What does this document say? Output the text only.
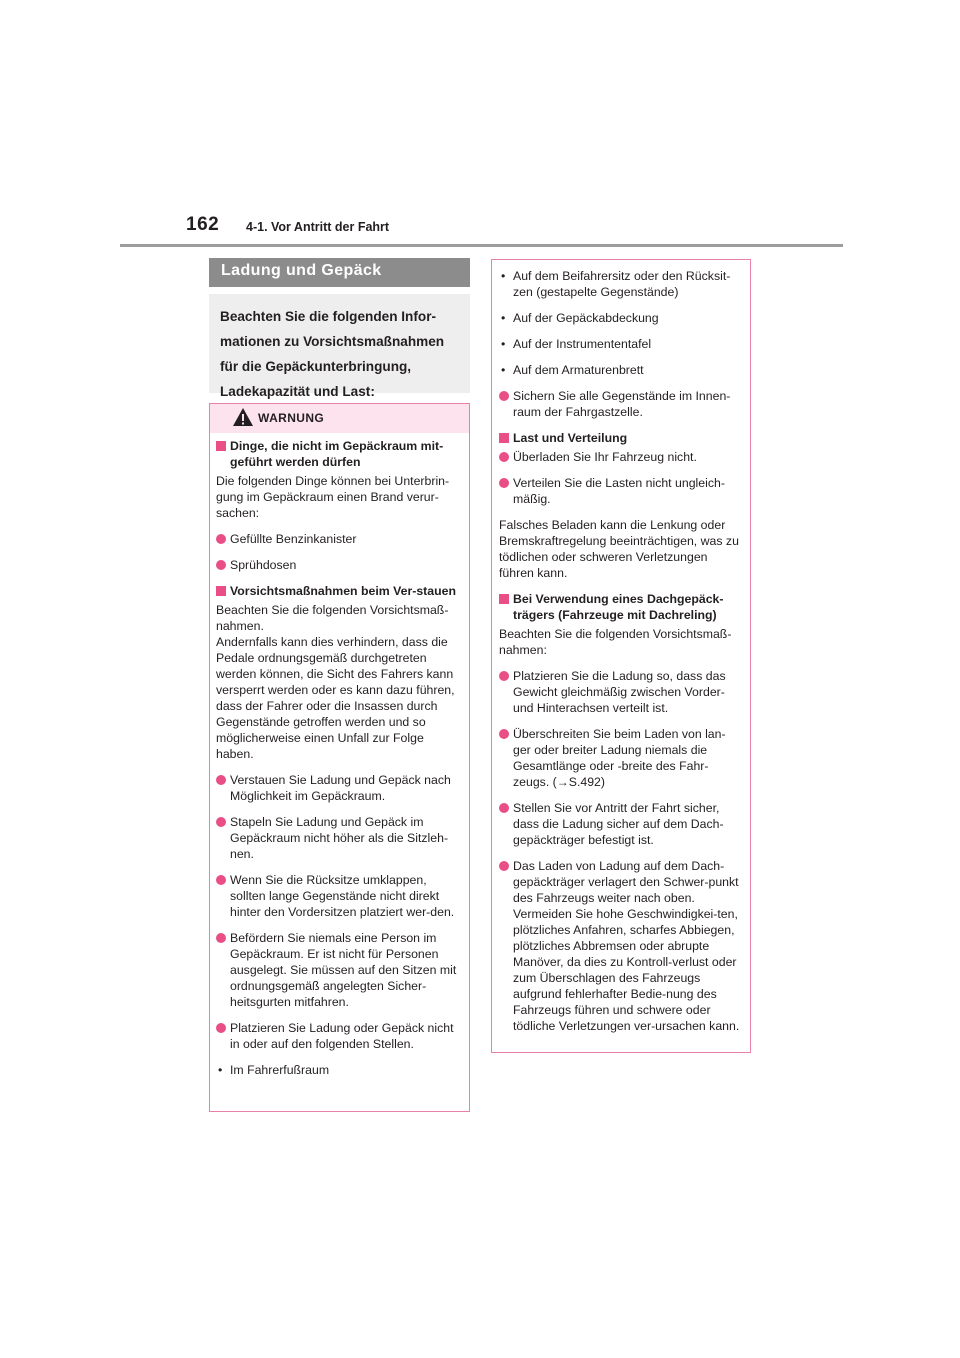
162 4-1. Vor Antritt der Fahrt
Ladung und Gepäck
Beachten Sie die folgenden Infor-
mationen zu Vorsichtsmaßnahmen
für die Gepäckunterbringung,
Ladekapazität und Last:
WARNUNG
Dinge, die nicht im Gepäckraum mit-geführt werden dürfen
Die folgenden Dinge können bei Unterbrin-gung im Gepäckraum einen Brand verur-sachen:
Gefüllte Benzinkanister
Sprühdosen
Vorsichtsmaßnahmen beim Ver-stauen
Beachten Sie die folgenden Vorsichtsmaß-nahmen.
Andernfalls kann dies verhindern, dass die Pedale ordnungsgemäß durchgetreten werden können, die Sicht des Fahrers kann versperrt werden oder es kann dazu führen, dass der Fahrer oder die Insassen durch Gegenstände getroffen werden und so möglicherweise einen Unfall zur Folge haben.
Verstauen Sie Ladung und Gepäck nach Möglichkeit im Gepäckraum.
Stapeln Sie Ladung und Gepäck im Gepäckraum nicht höher als die Sitzleh-nen.
Wenn Sie die Rücksitze umklappen, sollten lange Gegenstände nicht direkt hinter den Vordersitzen platziert wer-den.
Befördern Sie niemals eine Person im Gepäckraum. Er ist nicht für Personen ausgelegt. Sie müssen auf den Sitzen mit ordnungsgemäß angelegten Sicher-heitsgurten mitfahren.
Platzieren Sie Ladung oder Gepäck nicht in oder auf den folgenden Stellen.
• Im Fahrerfußraum
• Auf dem Beifahrersitz oder den Rücksit-zen (gestapelte Gegenstände)
• Auf der Gepäckabdeckung
• Auf der Instrumententafel
• Auf dem Armaturenbrett
Sichern Sie alle Gegenstände im Innen-raum der Fahrgastzelle.
Last und Verteilung
Überladen Sie Ihr Fahrzeug nicht.
Verteilen Sie die Lasten nicht ungleich-mäßig.
Falsches Beladen kann die Lenkung oder Bremskraftregelung beeinträchtigen, was zu tödlichen oder schweren Verletzungen führen kann.
Bei Verwendung eines Dachgepäck-trägers (Fahrzeuge mit Dachreling)
Beachten Sie die folgenden Vorsichtsmaß-nahmen:
Platzieren Sie die Ladung so, dass das Gewicht gleichmäßig zwischen Vorder- und Hinterachsen verteilt ist.
Überschreiten Sie beim Laden von lan-ger oder breiter Ladung niemals die Gesamtlänge oder -breite des Fahr-zeugs. (→S.492)
Stellen Sie vor Antritt der Fahrt sicher, dass die Ladung sicher auf dem Dach-gepäckträger befestigt ist.
Das Laden von Ladung auf dem Dach-gepäckträger verlagert den Schwer-punkt des Fahrzeugs weiter nach oben. Vermeiden Sie hohe Geschwindigkei-ten, plötzliches Anfahren, scharfes Abbiegen, plötzliches Abbremsen oder abrupte Manöver, da dies zu Kontroll-verlust oder zum Überschlagen des Fahrzeugs aufgrund fehlerhafter Bedie-nung des Fahrzeugs führen und schwere oder tödliche Verletzungen ver-ursachen kann.
